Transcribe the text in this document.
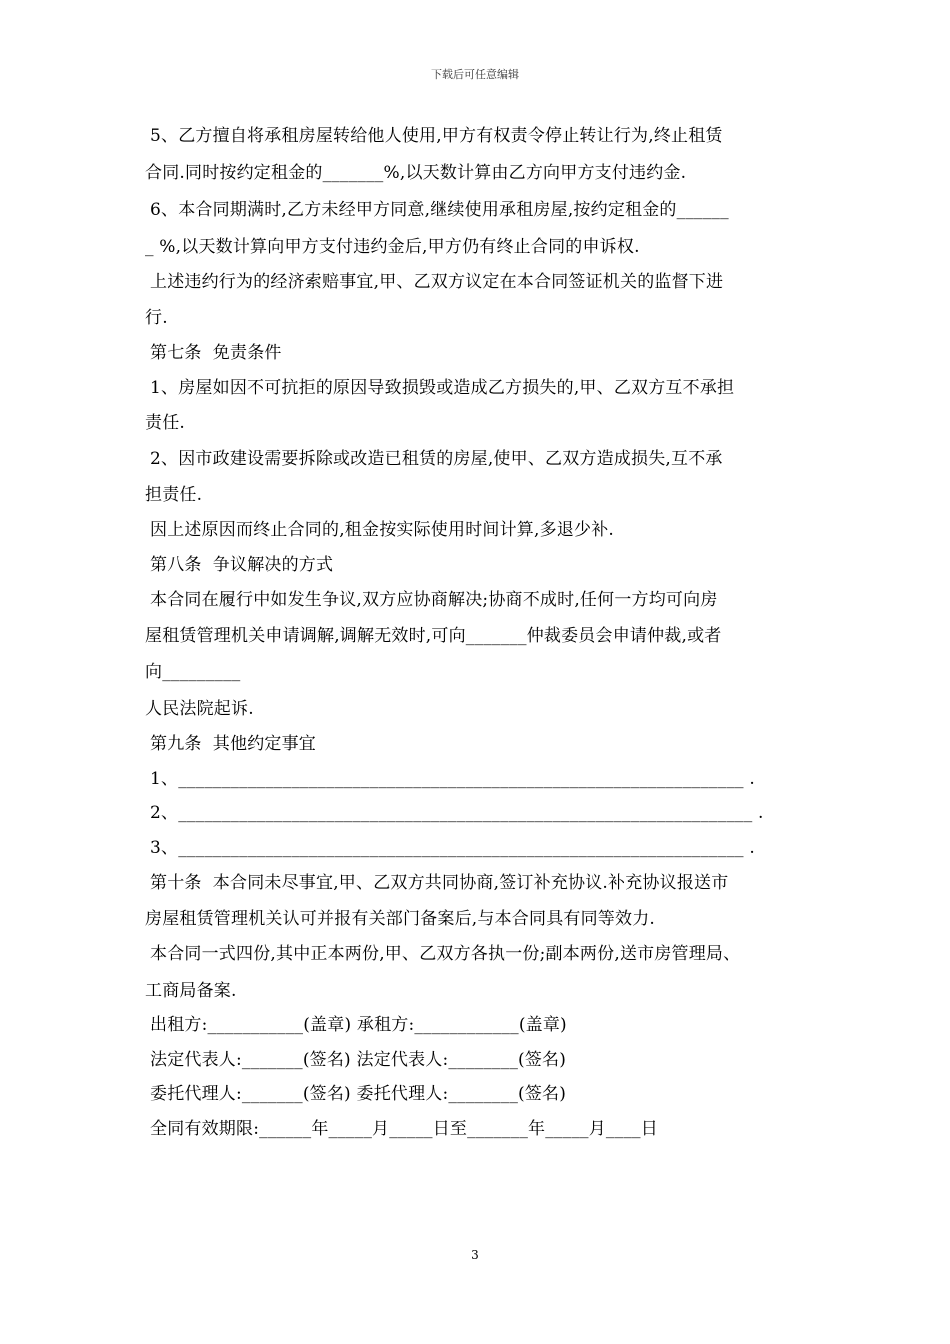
下载后可任意编辑
5、乙方擅自将承租房屋转给他人使用,甲方有权责令停止转让行为,终止租赁
合同.同时按约定租金的_______%,以天数计算由乙方向甲方支付违约金.
6、本合同期满时,乙方未经甲方同意,继续使用承租房屋,按约定租金的______
_ %,以天数计算向甲方支付违约金后,甲方仍有终止合同的申诉权.
上述违约行为的经济索赔事宜,甲、乙双方议定在本合同签证机关的监督下进
行.
第七条  免责条件
1、房屋如因不可抗拒的原因导致损毁或造成乙方损失的,甲、乙双方互不承担
责任.
2、因市政建设需要拆除或改造已租赁的房屋,使甲、乙双方造成损失,互不承
担责任.
因上述原因而终止合同的,租金按实际使用时间计算,多退少补.
第八条  争议解决的方式
本合同在履行中如发生争议,双方应协商解决;协商不成时,任何一方均可向房
屋租赁管理机关申请调解,调解无效时,可向_______仲裁委员会申请仲裁,或者
向_________
人民法院起诉.
第九条  其他约定事宜
1、_________________________________________________________________ .
2、__________________________________________________________________ .
3、_________________________________________________________________ .
第十条  本合同未尽事宜,甲、乙双方共同协商,签订补充协议.补充协议报送市
房屋租赁管理机关认可并报有关部门备案后,与本合同具有同等效力.
本合同一式四份,其中正本两份,甲、乙双方各执一份;副本两份,送市房管理局、
工商局备案.
出租方:___________(盖章) 承租方:____________(盖章)
法定代表人:_______(签名) 法定代表人:________(签名)
委托代理人:_______(签名) 委托代理人:________(签名)
全同有效期限:______年_____月_____日至_______年_____月____日
3
